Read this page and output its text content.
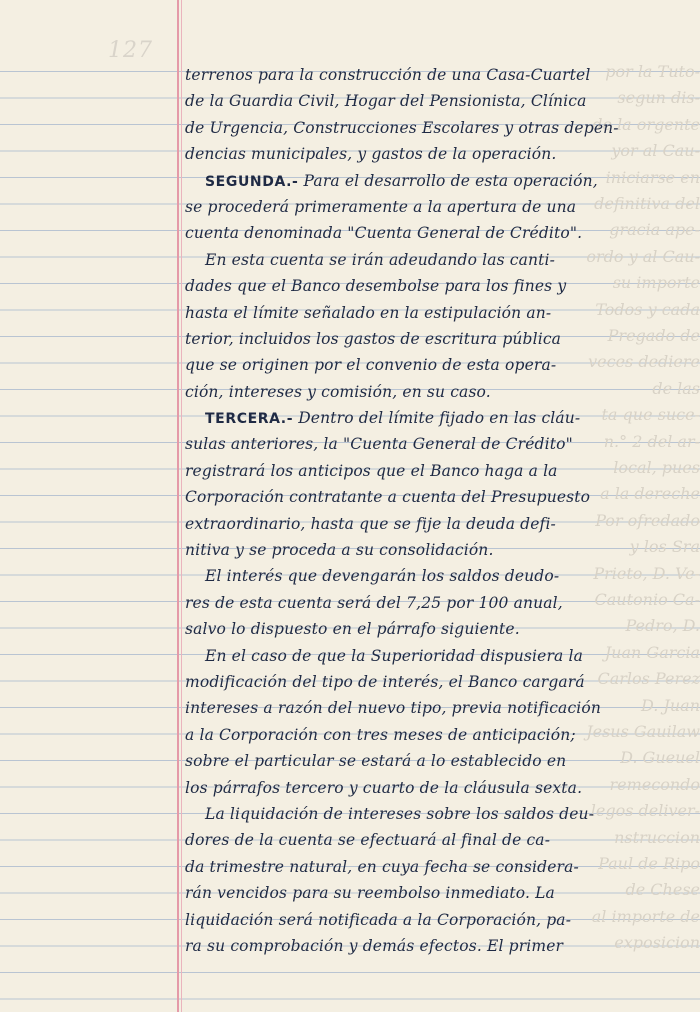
127
por la Tuto-
segun dis-
de la orgente
yor al Cau-
iniciarse en
definitiva del
gracia ape-
ordo y al Cau-
su importe
Todos y cada
Pregado de
veces dediere
de las
ta que suce-
n.° 2 del ar-
local, pues
a la dereche
Por ofredado
y los Sra
Prieto, D. Ve-
Cautonio Ca-
Pedro, D.
Juan Garcia
Carlos Perez
D. Juan
Jesus Gauilaw
D. Gueuel
remecondo
legos deliver-
nstruccion
Paul de Ripo
de Chese
al importe de
exposicion
terrenos para la construcción de una Casa-Cuartel
de la Guardia Civil, Hogar del Pensionista, Clínica
de Urgencia, Construcciones Escolares y otras depen-
dencias municipales, y gastos de la operación.
SEGUNDA.- Para el desarrollo de esta operación,
se procederá primeramente a la apertura de una
cuenta denominada "Cuenta General de Crédito".
En esta cuenta se irán adeudando las canti-
dades que el Banco desembolse para los fines y
hasta el límite señalado en la estipulación an-
terior, incluidos los gastos de escritura pública
que se originen por el convenio de esta opera-
ción, intereses y comisión, en su caso.
TERCERA.- Dentro del límite fijado en las cláu-
sulas anteriores, la "Cuenta General de Crédito"
registrará los anticipos que el Banco haga a la
Corporación contratante a cuenta del Presupuesto
extraordinario, hasta que se fije la deuda defi-
nitiva y se proceda a su consolidación.
El interés que devengarán los saldos deudo-
res de esta cuenta será del 7,25 por 100 anual,
salvo lo dispuesto en el párrafo siguiente.
En el caso de que la Superioridad dispusiera la
modificación del tipo de interés, el Banco cargará
intereses a razón del nuevo tipo, previa notificación
a la Corporación con tres meses de anticipación;
sobre el particular se estará a lo establecido en
los párrafos tercero y cuarto de la cláusula sexta.
La liquidación de intereses sobre los saldos deu-
dores de la cuenta se efectuará al final de ca-
da trimestre natural, en cuya fecha se considera-
rán vencidos para su reembolso inmediato. La
liquidación será notificada a la Corporación, pa-
ra su comprobación y demás efectos. El primer
